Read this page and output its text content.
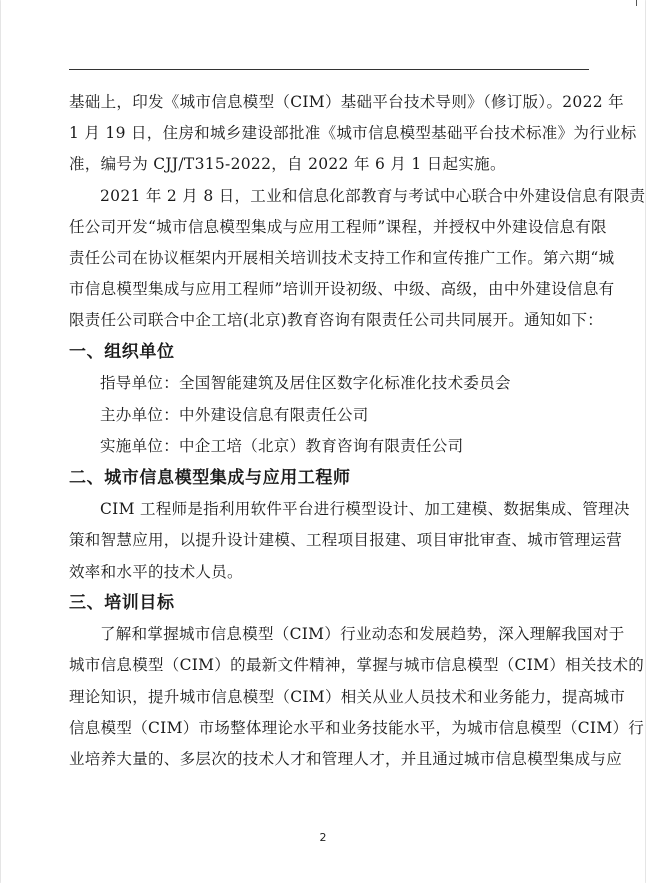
基础上，印发《城市信息模型（CIM）基础平台技术导则》（修订版）。2022 年
1 月 19 日，住房和城乡建设部批准《城市信息模型基础平台技术标准》为行业标
准，编号为 CJJ/T315-2022，自 2022 年 6 月 1 日起实施。

2021 年 2 月 8 日，工业和信息化部教育与考试中心联合中外建设信息有限责
任公司开发“城市信息模型集成与应用工程师”课程，并授权中外建设信息有限
责任公司在协议框架内开展相关培训技术支持工作和宣传推广工作。第六期“城
市信息模型集成与应用工程师”培训开设初级、中级、高级，由中外建设信息有
限责任公司联合中企工培(北京)教育咨询有限责任公司共同展开。通知如下：

一、组织单位

指导单位：全国智能建筑及居住区数字化标准化技术委员会

主办单位：中外建设信息有限责任公司

实施单位：中企工培（北京）教育咨询有限责任公司

二、城市信息模型集成与应用工程师

CIM 工程师是指利用软件平台进行模型设计、加工建模、数据集成、管理决
策和智慧应用，以提升设计建模、工程项目报建、项目审批审查、城市管理运营
效率和水平的技术人员。

三、培训目标

了解和掌握城市信息模型（CIM）行业动态和发展趋势，深入理解我国对于
城市信息模型（CIM）的最新文件精神，掌握与城市信息模型（CIM）相关技术的
理论知识，提升城市信息模型（CIM）相关从业人员技术和业务能力，提高城市
信息模型（CIM）市场整体理论水平和业务技能水平，为城市信息模型（CIM）行
业培养大量的、多层次的技术人才和管理人才，并且通过城市信息模型集成与应

2
